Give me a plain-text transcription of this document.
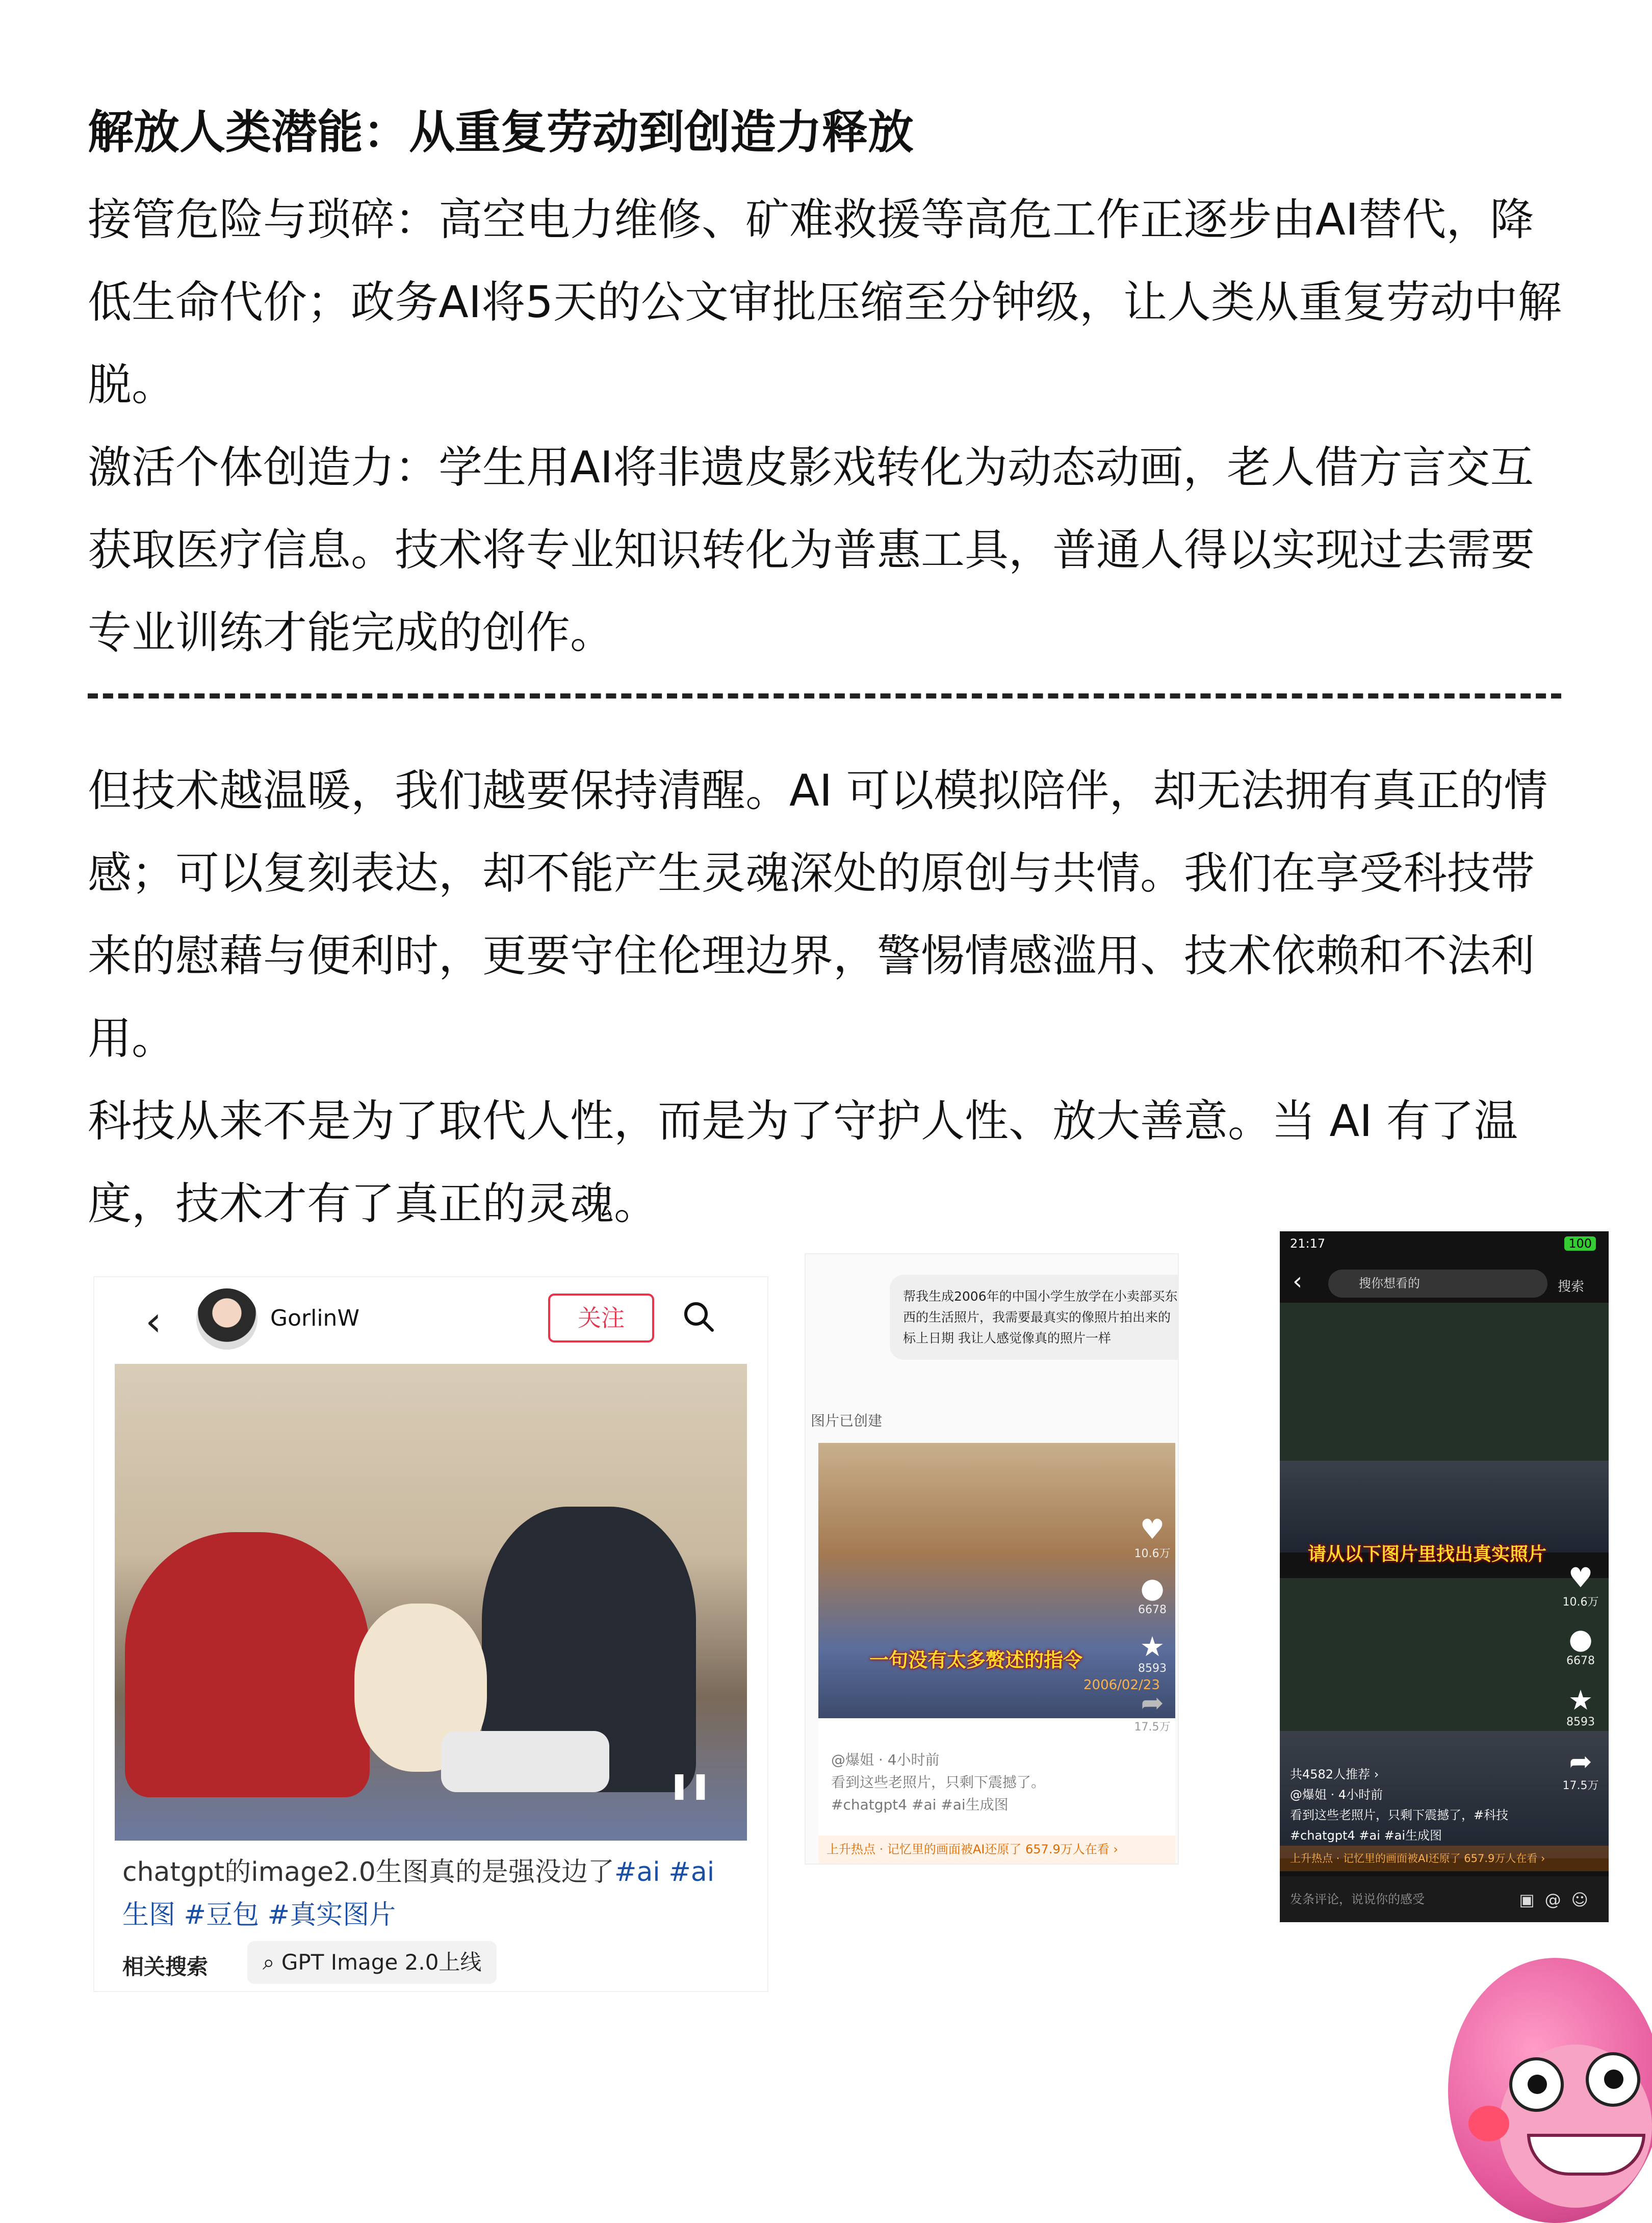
解放人类潜能：从重复劳动到创造力释放

接管危险与琐碎：高空电力维修、矿难救援等高危工作正逐步由AI替代，降低生命代价；政务AI将5天的公文审批压缩至分钟级，让人类从重复劳动中解脱。

激活个体创造力：学生用AI将非遗皮影戏转化为动态动画，老人借方言交互获取医疗信息。技术将专业知识转化为普惠工具，普通人得以实现过去需要专业训练才能完成的创作。

但技术越温暖，我们越要保持清醒。AI 可以模拟陪伴，却无法拥有真正的情感；可以复刻表达，却不能产生灵魂深处的原创与共情。我们在享受科技带来的慰藉与便利时，更要守住伦理边界，警惕情感滥用、技术依赖和不法利用。

科技从来不是为了取代人性，而是为了守护人性、放大善意。当 AI 有了温度，技术才有了真正的灵魂。

‹	GorlinW	关注
❚❚
chatgpt的image2.0生图真的是强没边了#ai #ai生图 #豆包 #真实图片
相关搜索	⌕ GPT Image 2.0上线
帮我生成2006年的中国小学生放学在小卖部买东西的生活照片，我需要最真实的像照片拍出来的 标上日期 我让人感觉像真的照片一样
图片已创建
一句没有太多赘述的指令
2006/02/23
♥
10.6万
●
6678
★
8593
➦
17.5万
@爆姐 · 4小时前
看到这些老照片，只剩下震撼了。
#chatgpt4 #ai #ai生成图
上升热点 · 记忆里的画面被AI还原了 657.9万人在看 ›
21:17	100
‹	搜你想看的	搜索
请从以下图片里找出真实照片
♥
10.6万
●
6678
★
8593
➦
17.5万
共4582人推荐 ›
@爆姐 · 4小时前
看到这些老照片，只剩下震撼了，#科技
#chatgpt4 #ai #ai生成图
上升热点 · 记忆里的画面被AI还原了 657.9万人在看 ›
发条评论，说说你的感受	▣@☺
